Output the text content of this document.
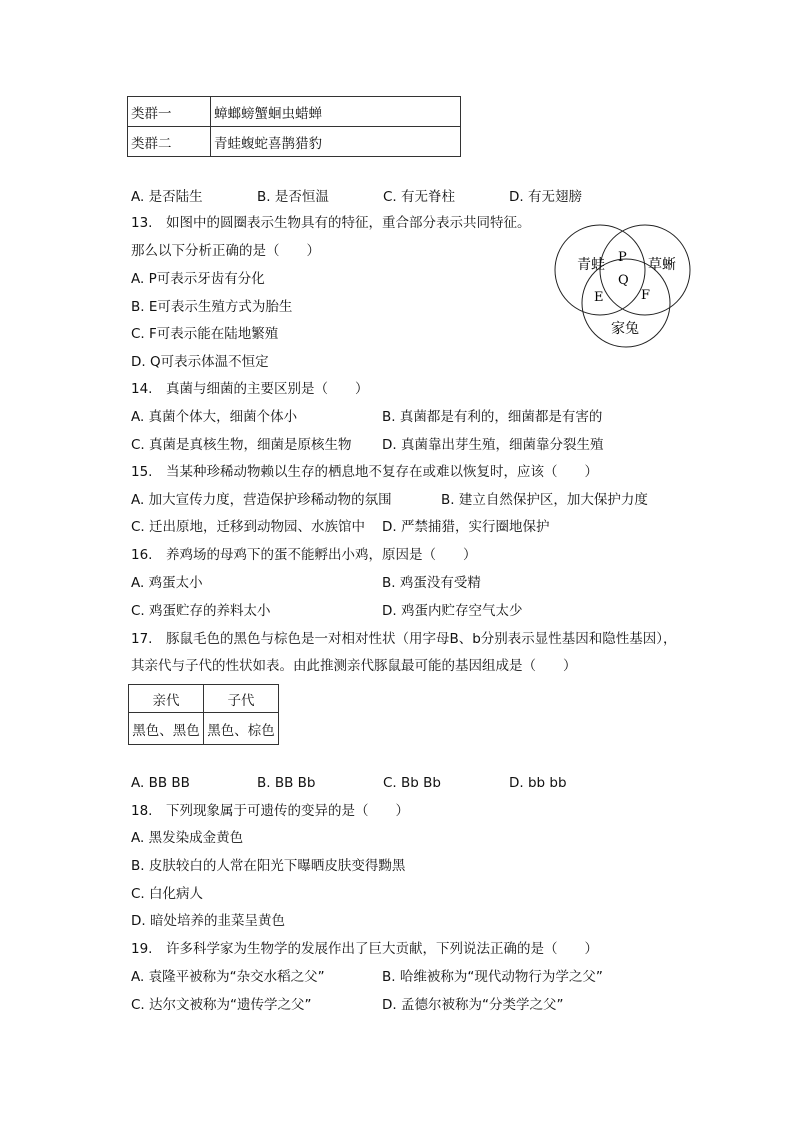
类群一	蟑螂螃蟹蛔虫蜡蝉
类群二	青蛙蝮蛇喜鹊猎豹
A. 是否陆生	B. 是否恒温	C. 有无脊柱	D. 有无翅膀
13.　如图中的圆圈表示生物具有的特征，重合部分表示共同特征。
那么以下分析正确的是（　　）
A. P可表示牙齿有分化
B. E可表示生殖方式为胎生
C. F可表示能在陆地繁殖
D. Q可表示体温不恒定
青蛙	草蜥
家兔
P
Q
E	F
14.　真菌与细菌的主要区别是（　　）
A. 真菌个体大，细菌个体小	B. 真菌都是有利的，细菌都是有害的
C. 真菌是真核生物，细菌是原核生物 D. 真菌靠出芽生殖，细菌靠分裂生殖
15.　当某种珍稀动物赖以生存的栖息地不复存在或难以恢复时，应该（　　）
A. 加大宣传力度，营造保护珍稀动物的氛围	B. 建立自然保护区，加大保护力度
C. 迁出原地，迁移到动物园、水族馆中 D. 严禁捕猎，实行圈地保护
16.　养鸡场的母鸡下的蛋不能孵出小鸡，原因是（　　）
A. 鸡蛋太小	B. 鸡蛋没有受精
C. 鸡蛋贮存的养料太小	D. 鸡蛋内贮存空气太少
17.　豚鼠毛色的黑色与棕色是一对相对性状（用字母B、b分别表示显性基因和隐性基因），
其亲代与子代的性状如表。由此推测亲代豚鼠最可能的基因组成是（　　）
亲代	子代
黑色、黑色	黑色、棕色
A. BB BB	B. BB Bb	C. Bb Bb	D. bb bb
18.　下列现象属于可遗传的变异的是（　　）
A. 黑发染成金黄色
B. 皮肤较白的人常在阳光下曝晒皮肤变得黝黑
C. 白化病人
D. 暗处培养的韭菜呈黄色
19.　许多科学家为生物学的发展作出了巨大贡献，下列说法正确的是（　　）
A. 袁隆平被称为“杂交水稻之父”	B. 哈维被称为“现代动物行为学之父”
C. 达尔文被称为“遗传学之父”	D. 孟德尔被称为“分类学之父”
